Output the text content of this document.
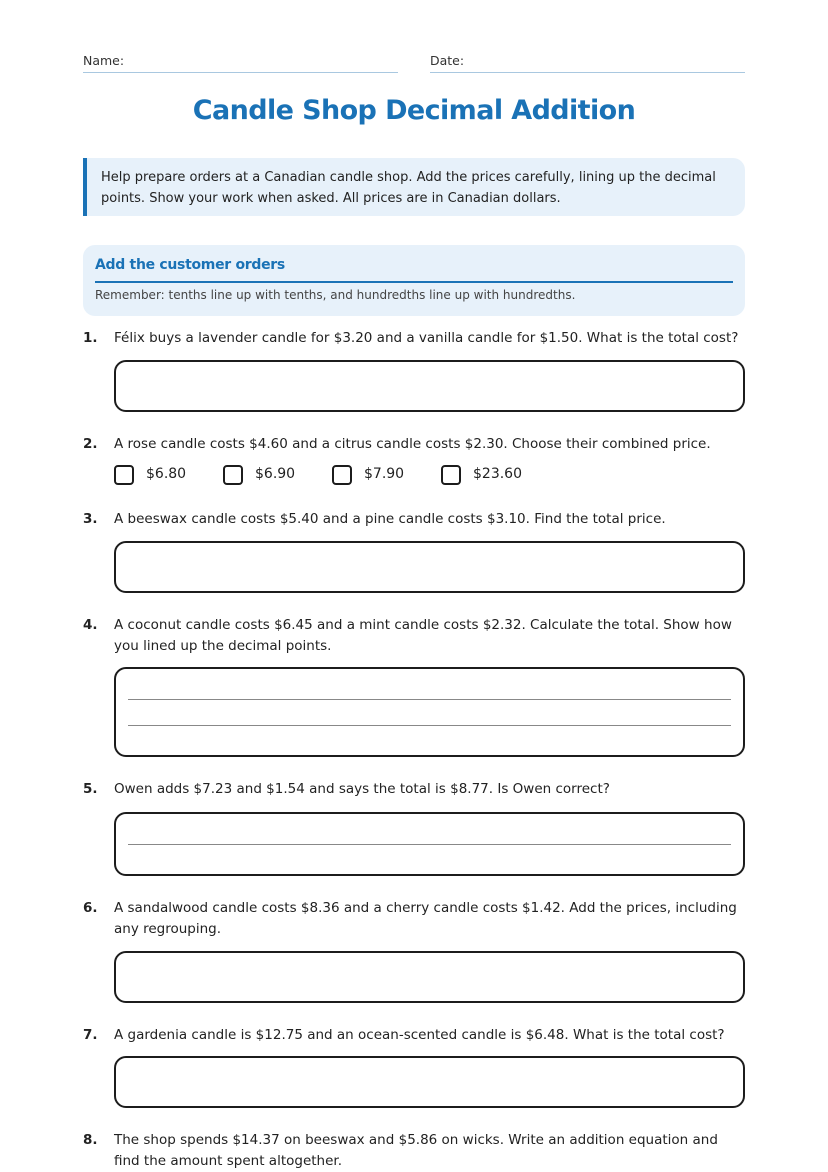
Name:	Date:
Candle Shop Decimal Addition
Help prepare orders at a Canadian candle shop. Add the prices carefully, lining up the decimal points. Show your work when asked. All prices are in Canadian dollars.
Add the customer orders
Remember: tenths line up with tenths, and hundredths line up with hundredths.
1. Félix buys a lavender candle for $3.20 and a vanilla candle for $1.50. What is the total cost?
2. A rose candle costs $4.60 and a citrus candle costs $2.30. Choose their combined price.
$6.80	$6.90	$7.90	$23.60
3. A beeswax candle costs $5.40 and a pine candle costs $3.10. Find the total price.
4. A coconut candle costs $6.45 and a mint candle costs $2.32. Calculate the total. Show how you lined up the decimal points.
5. Owen adds $7.23 and $1.54 and says the total is $8.77. Is Owen correct?
6. A sandalwood candle costs $8.36 and a cherry candle costs $1.42. Add the prices, including any regrouping.
7. A gardenia candle is $12.75 and an ocean-scented candle is $6.48. What is the total cost?
8. The shop spends $14.37 on beeswax and $5.86 on wicks. Write an addition equation and find the amount spent altogether.
